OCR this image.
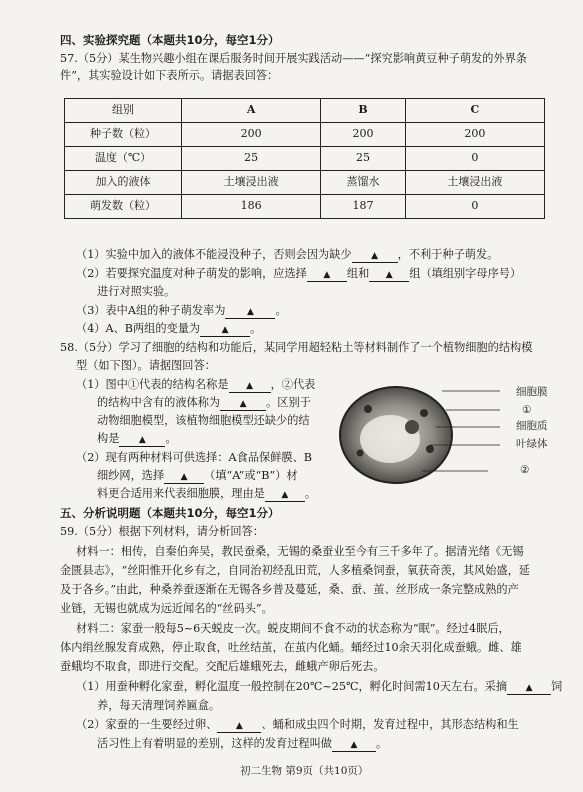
四、实验探究题（本题共10分，每空1分）
57.（5分）某生物兴趣小组在课后服务时间开展实践活动——“探究影响黄豆种子萌发的外界条
件”，其实验设计如下表所示。请据表回答：
组别	A	B	C
种子数（粒）	200	200	200
温度（℃）	25	25	0
加入的液体	土壤浸出液	蒸馏水	土壤浸出液
萌发数（粒）	186	187	0
（1）实验中加入的液体不能浸没种子，否则会因为缺少 ▲ ，不利于种子萌发。
（2）若要探究温度对种子萌发的影响，应选择 ▲ 组和 ▲ 组（填组别字母序号）
进行对照实验。
（3）表中A组的种子萌发率为 ▲ 。
（4）A、B两组的变量为 ▲ 。
58.（5分）学习了细胞的结构和功能后，某同学用超轻粘土等材料制作了一个植物细胞的结构模
型（如下图）。请据图回答：
（1）图中①代表的结构名称是 ▲ ，②代表
的结构中含有的液体称为 ▲ 。区别于
动物细胞模型，该植物细胞模型还缺少的结
构是 ▲ 。
（2）现有两种材料可供选择：A食品保鲜膜、B
细纱网，选择 ▲ （填“A”或“B”）材
料更合适用来代表细胞膜，理由是 ▲ 。
细胞膜
①
细胞质
叶绿体
②
五、分析说明题（本题共10分，每空1分）
59.（5分）根据下列材料，请分析回答：
材料一：相传，自秦伯奔吴，教民蚕桑，无锡的桑蚕业至今有三千多年了。据清光绪《无锡
金匮县志》，“丝阳惟开化乡有之，自同治初经乱田荒，人多植桑饲蚕，氧获奇羡，其风始盛，延
及于各乡。”由此，种桑养蚕逐渐在无锡各乡普及蔓延，桑、蚕、茧、丝形成一条完整成熟的产
业链，无锡也就成为远近闻名的“丝码头”。
材料二：家蚕一般每5~6天蜕皮一次。蜕皮期间不食不动的状态称为“眠”。经过4眠后，
体内绢丝腺发育成熟，停止取食，吐丝结茧，在茧内化蛹。蛹经过10余天羽化成蚕蛾。雌、雄
蚕蛾均不取食，即进行交配。交配后雄蛾死去，雌蛾产卵后死去。
（1）用蚕种孵化家蚕，孵化温度一般控制在20℃~25℃，孵化时间需10天左右。采摘 ▲ 饲
养，每天清理饲养匾盒。
（2）家蚕的一生要经过卵、 ▲ 、蛹和成虫四个时期，发育过程中，其形态结构和生
活习性上有着明显的差别，这样的发育过程叫做 ▲ 。
初二生物 第9页（共10页）
